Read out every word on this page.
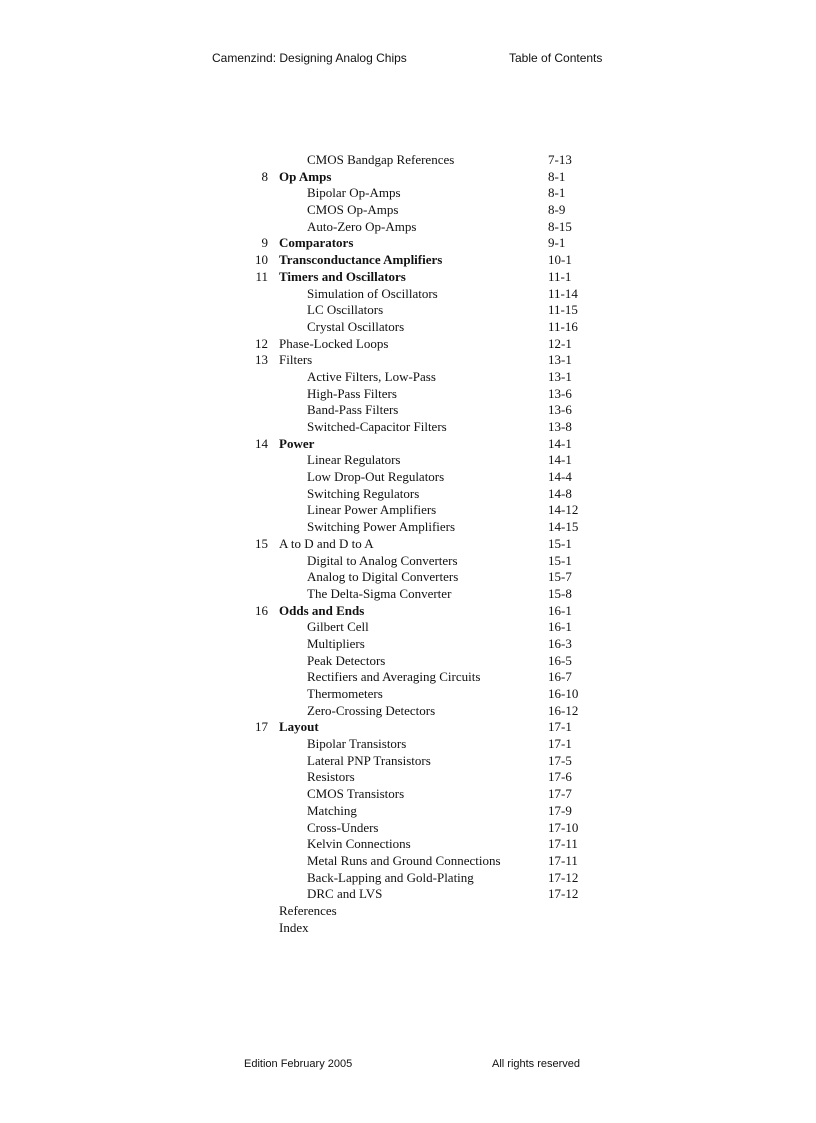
Camenzind: Designing Analog Chips	Table of Contents
CMOS Bandgap References	7-13
8 Op Amps	8-1
Bipolar Op-Amps	8-1
CMOS Op-Amps	8-9
Auto-Zero Op-Amps	8-15
9 Comparators	9-1
10 Transconductance Amplifiers	10-1
11 Timers and Oscillators	11-1
Simulation of Oscillators	11-14
LC Oscillators	11-15
Crystal Oscillators	11-16
12 Phase-Locked Loops	12-1
13 Filters	13-1
Active Filters, Low-Pass	13-1
High-Pass Filters	13-6
Band-Pass Filters	13-6
Switched-Capacitor Filters	13-8
14 Power	14-1
Linear Regulators	14-1
Low Drop-Out Regulators	14-4
Switching Regulators	14-8
Linear Power Amplifiers	14-12
Switching Power Amplifiers	14-15
15 A to D and D to A	15-1
Digital to Analog Converters	15-1
Analog to Digital Converters	15-7
The Delta-Sigma Converter	15-8
16 Odds and Ends	16-1
Gilbert Cell	16-1
Multipliers	16-3
Peak Detectors	16-5
Rectifiers and Averaging Circuits	16-7
Thermometers	16-10
Zero-Crossing Detectors	16-12
17 Layout	17-1
Bipolar Transistors	17-1
Lateral PNP Transistors	17-5
Resistors	17-6
CMOS Transistors	17-7
Matching	17-9
Cross-Unders	17-10
Kelvin Connections	17-11
Metal Runs and Ground Connections	17-11
Back-Lapping and Gold-Plating	17-12
DRC and LVS	17-12
References
Index
Edition February 2005	All rights reserved
